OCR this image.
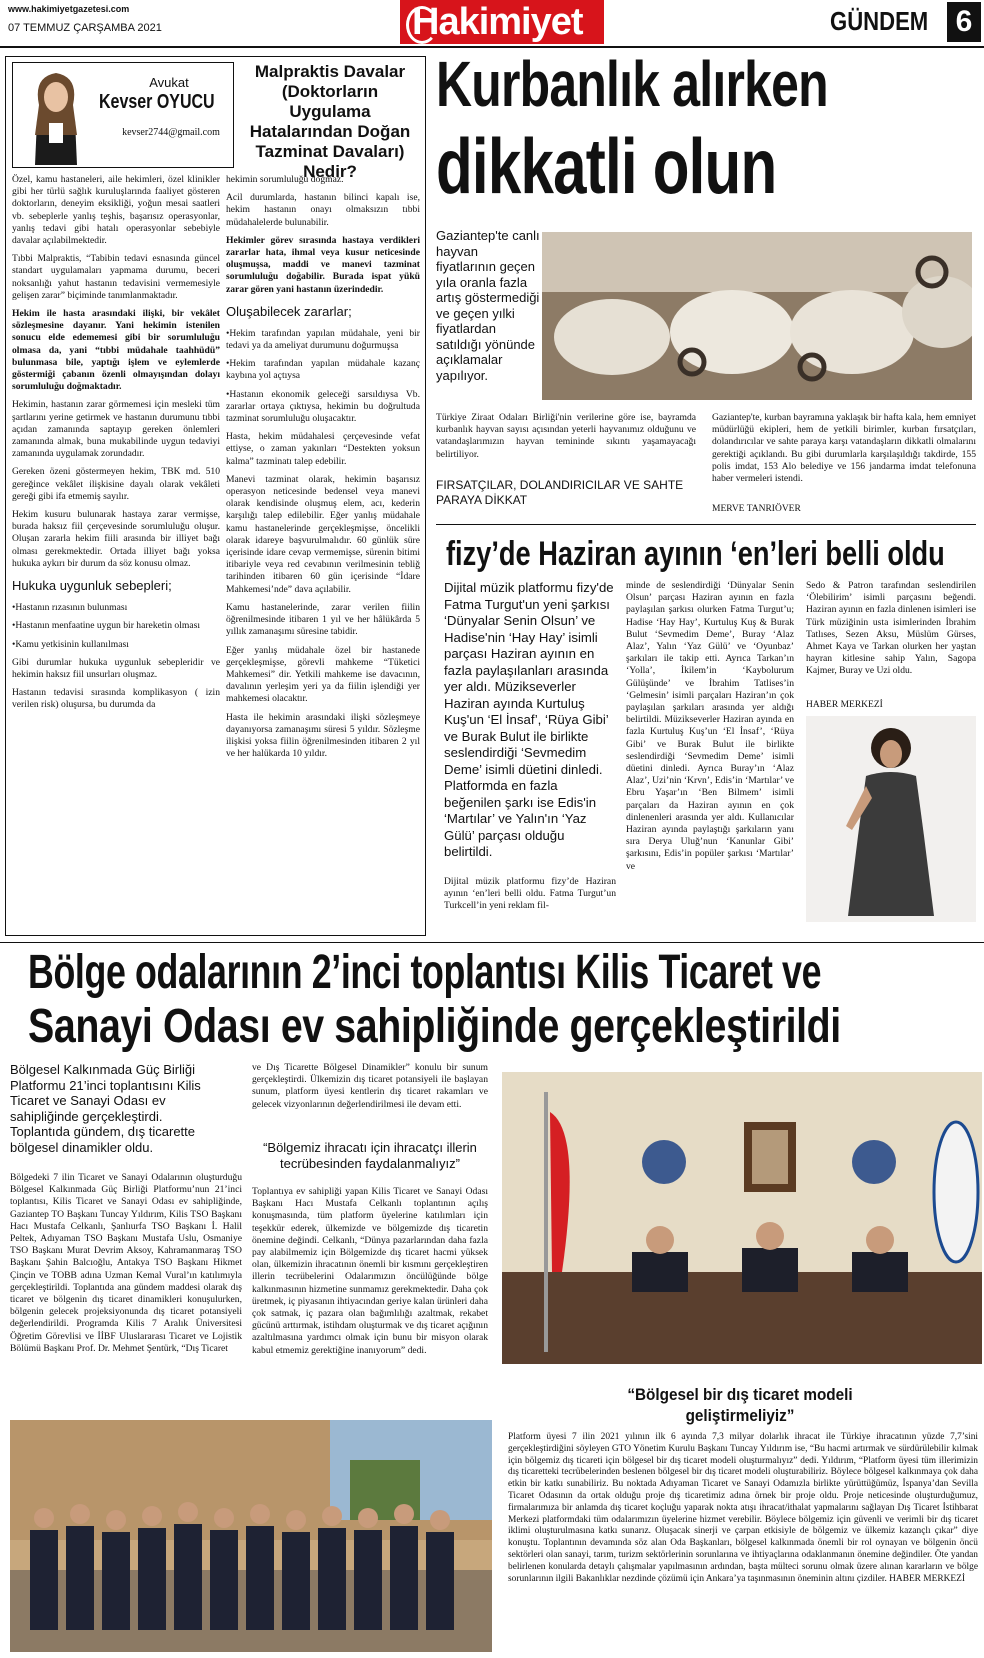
www.hakimiyetgazetesi.com
07 TEMMUZ ÇARŞAMBA 2021	Hakimiyet	GÜNDEM 6
Avukat
Kevser OYUCU
kevser2744@gmail.com
Malpraktis Davalar (Doktorların Uygulama Hatalarından Doğan Tazminat Davaları) Nedir?

Özel, kamu hastaneleri, aile hekimleri, özel klinikler gibi her türlü sağlık kuruluşlarında faaliyet gösteren doktorların, deneyim eksikliği, yoğun mesai saatleri vb. sebeplerle yanlış teşhis, başarısız operasyonlar, yanlış tedavi gibi hatalı operasyonlar sebebiyle davalar açılabilmektedir.

Tıbbi Malpraktis, “Tabibin tedavi esnasında güncel standart uygulamaları yapmama durumu, beceri noksanlığı yahut hastanın tedavisini vermemesiyle gelişen zarar” biçiminde tanımlanmaktadır.

Hekim ile hasta arasındaki ilişki, bir vekâlet sözleşmesine dayanır. Yani hekimin istenilen sonucu elde edememesi gibi bir sorumluluğu olmasa da, yani “tıbbi müdahale taahhüdü” bulunmasa bile, yaptığı işlem ve eylemlerde göstermiği çabanın özenli olmayışından dolayı sorumluluğu doğmaktadır.

Hekimin, hastanın zarar görmemesi için mesleki tüm şartlarını yerine getirmek ve hastanın durumunu tıbbi açıdan zamanında saptayıp gereken önlemleri zamanında almak, buna mukabilinde uygun tedaviyi zamanında uygulamak zorundadır.

Gereken özeni göstermeyen hekim, TBK md. 510 gereğince vekâlet ilişkisine dayalı olarak vekâleti gereği gibi ifa etmemiş sayılır.

Hekim kusuru bulunarak hastaya zarar vermişse, burada haksız fiil çerçevesinde sorumluluğu oluşur. Oluşan zararla hekim fiili arasında bir illiyet bağı olması gerekmektedir. Ortada illiyet bağı yoksa hukuka aykırı bir durum da söz konusu olmaz.

Hukuka uygunluk sebepleri;

•Hastanın rızasının bulunması

•Hastanın menfaatine uygun bir hareketin olması

•Kamu yetkisinin kullanılması

Gibi durumlar hukuka uygunluk sebepleridir ve hekimin haksız fiil unsurları oluşmaz.

Hastanın tedavisi sırasında komplikasyon ( izin verilen risk) oluşursa, bu durumda da

hekimin sorumluluğu doğmaz.

Acil durumlarda, hastanın bilinci kapalı ise, hekim hastanın onayı olmaksızın tıbbi müdahalelerde bulunabilir.

Hekimler görev sırasında hastaya verdikleri zararlar hata, ihmal veya kusur neticesinde oluşmuşsa, maddi ve manevi tazminat sorumluluğu doğabilir. Burada ispat yükü zarar gören yani hastanın üzerindedir.

Oluşabilecek zararlar;

•Hekim tarafından yapılan müdahale, yeni bir tedavi ya da ameliyat durumunu doğurmuşsa

•Hekim tarafından yapılan müdahale kazanç kaybına yol açtıysa

•Hastanın ekonomik geleceği sarsıldıysa Vb. zararlar ortaya çıktıysa, hekimin bu doğrultuda tazminat sorumluluğu oluşacaktır.

Hasta, hekim müdahalesi çerçevesinde vefat ettiyse, o zaman yakınları “Destekten yoksun kalma” tazminatı talep edebilir.

Manevi tazminat olarak, hekimin başarısız operasyon neticesinde bedensel veya manevi olarak kendisinde oluşmuş elem, acı, kederin karşılığı talep edilebilir. Eğer yanlış müdahale kamu hastanelerinde gerçekleşmişse, öncelikli olarak idareye başvurulmalıdır. 60 günlük süre içerisinde idare cevap vermemişse, sürenin bitimi itibariyle veya red cevabının verilmesinin tebliğ tarihinden itibaren 60 gün içerisinde “İdare Mahkemesi’nde” dava açılabilir.

Kamu hastanelerinde, zarar verilen fiilin öğrenilmesinde itibaren 1 yıl ve her hâlükârda 5 yıllık zamanaşımı süresine tabidir.

Eğer yanlış müdahale özel bir hastanede gerçekleşmişse, görevli mahkeme “Tüketici Mahkemesi” dir. Yetkili mahkeme ise davacının, davalının yerleşim yeri ya da fiilin işlendiği yer mahkemesi olacaktır.

Hasta ile hekimin arasındaki ilişki sözleşmeye dayanıyorsa zamanaşımı süresi 5 yıldır. Sözleşme ilişkisi yoksa fiilin öğrenilmesinden itibaren 2 yıl ve her halükarda 10 yıldır.

Kurbanlık alırken
dikkatli olun
Gaziantep'te canlı hayvan fiyatlarının geçen yıla oranla fazla artış göstermediği ve geçen yılki fiyatlardan satıldığı yönünde açıklamalar yapılıyor.
Türkiye Ziraat Odaları Birliği'nin verilerine göre ise, bayramda kurbanlık hayvan sayısı açısından yeterli hayvanımız olduğunu ve vatandaşlarımızın hayvan temininde sıkıntı yaşamayacağı belirtiliyor.
FIRSATÇILAR, DOLANDIRICILAR VE SAHTE PARAYA DİKKAT
Gaziantep'te, kurban bayramına yaklaşık bir hafta kala, hem emniyet müdürlüğü ekipleri, hem de yetkili birimler, kurban fırsatçıları, dolandırıcılar ve sahte paraya karşı vatandaşların dikkatli olmalarını gerektiği açıklandı. Bu gibi durumlarla karşılaşıldığı takdirde, 155 polis imdat, 153 Alo belediye ve 156 jandarma imdat telefonuna haber vermeleri istendi.
MERVE TANRIÖVER
fizy’de Haziran ayının ‘en’leri belli oldu
Dijital müzik platformu fizy'de Fatma Turgut'un yeni şarkısı ‘Dünyalar Senin Olsun’ ve Hadise'nin ‘Hay Hay’ isimli parçası Haziran ayının en fazla paylaşılanları arasında yer aldı. Müzikseverler Haziran ayında Kurtuluş Kuş'un ‘El İnsaf’, ‘Rüya Gibi’ ve Burak Bulut ile birlikte seslendirdiği ‘Sevmedim Deme’ isimli düetini dinledi. Platformda en fazla beğenilen şarkı ise Edis'in ‘Martılar’ ve Yalın'ın ‘Yaz Gülü’ parçası olduğu belirtildi.
Dijital müzik platformu fizy’de Haziran ayının ‘en’leri belli oldu. Fatma Turgut’un Turkcell’in yeni reklam fil-
minde de seslendirdiği ‘Dünyalar Senin Olsun’ parçası Haziran ayının en fazla paylaşılan şarkısı olurken Fatma Turgut’u; Hadise ‘Hay Hay’, Kurtuluş Kuş & Burak Bulut ‘Sevmedim Deme’, Buray ‘Alaz Alaz’, Yalın ‘Yaz Gülü’ ve ‘Oyunbaz’ şarkıları ile takip etti. Ayrıca Tarkan’ın ‘Yolla’, İkilem’in ‘Kaybolurum Gülüşünde’ ve İbrahim Tatlises’in ‘Gelmesin’ isimli parçaları Haziran’ın çok paylaşılan şarkıları arasında yer aldığı belirtildi. Müzikseverler Haziran ayında en fazla Kurtuluş Kuş’un ‘El İnsaf’, ‘Rüya Gibi’ ve Burak Bulut ile birlikte seslendirdiği ‘Sevmedim Deme’ isimli düetini dinledi. Ayrıca Buray’ın ‘Alaz Alaz’, Uzi’nin ‘Krvn’, Edis’in ‘Martılar’ ve Ebru Yaşar’ın ‘Ben Bilmem’ isimli parçaları da Haziran ayının en çok dinlenenleri arasında yer aldı. Kullanıcılar Haziran ayında paylaştığı şarkıların yanı sıra Derya Uluğ’nun ‘Kanunlar Gibi’ şarkısını, Edis’in popüler şarkısı ‘Martılar’ ve
Sedo & Patron tarafından seslendirilen ‘Ölebilirim’ isimli parçasını beğendi. Haziran ayının en fazla dinlenen isimleri ise Türk müziğinin usta isimlerinden İbrahim Tatlıses, Sezen Aksu, Müslüm Gürses, Ahmet Kaya ve Tarkan olurken her yaştan hayran kitlesine sahip Yalın, Sagopa Kajmer, Buray ve Uzi oldu.
HABER MERKEZİ
Bölge odalarının 2’inci toplantısı Kilis Ticaret ve
Sanayi Odası ev sahipliğinde gerçekleştirildi
Bölgesel Kalkınmada Güç Birliği Platformu 21’inci toplantısını Kilis Ticaret ve Sanayi Odası ev sahipliğinde gerçekleştirdi. Toplantıda gündem, dış ticarette bölgesel dinamikler oldu.
Bölgedeki 7 ilin Ticaret ve Sanayi Odalarının oluşturduğu Bölgesel Kalkınmada Güç Birliği Platformu’nun 21’inci toplantısı, Kilis Ticaret ve Sanayi Odası ev sahipliğinde, Gaziantep TO Başkanı Tuncay Yıldırım, Kilis TSO Başkanı Hacı Mustafa Celkanlı, Şanlıurfa TSO Başkanı İ. Halil Peltek, Adıyaman TSO Başkanı Mustafa Uslu, Osmaniye TSO Başkanı Murat Devrim Aksoy, Kahramanmaraş TSO Başkanı Şahin Balcıoğlu, Antakya TSO Başkanı Hikmet Çinçin ve TOBB adına Uzman Kemal Vural’ın katılımıyla gerçekleştirildi. Toplantıda ana gündem maddesi olarak dış ticaret ve bölgenin dış ticaret dinamikleri konuşulurken, bölgenin gelecek projeksiyonunda dış ticaret potansiyeli değerlendirildi. Programda Kilis 7 Aralık Üniversitesi Öğretim Görevlisi ve İİBF Uluslararası Ticaret ve Lojistik Bölümü Başkanı Prof. Dr. Mehmet Şentürk, “Dış Ticaret
ve Dış Ticarette Bölgesel Dinamikler” konulu bir sunum gerçekleştirdi. Ülkemizin dış ticaret potansiyeli ile başlayan sunum, platform üyesi kentlerin dış ticaret rakamları ve gelecek vizyonlarının değerlendirilmesi ile devam etti.
“Bölgemiz ihracatı için ihracatçı illerin tecrübesinden faydalanmalıyız”
Toplantıya ev sahipliği yapan Kilis Ticaret ve Sanayi Odası Başkanı Hacı Mustafa Celkanlı toplantının açılış konuşmasında, tüm platform üyelerine katılımları için teşekkür ederek, ülkemizde ve bölgemizde dış ticaretin önemine değindi. Celkanlı, “Dünya pazarlarından daha fazla pay alabilmemiz için Bölgemizde dış ticaret hacmi yüksek olan, ülkemizin ihracatının önemli bir kısmını gerçekleştiren illerin tecrübelerini Odalarımızın öncülüğünde bölge kalkınmasının hizmetine sunmamız gerekmektedir. Daha çok üretmek, iç piyasanın ihtiyacından geriye kalan ürünleri daha çok satmak, iç pazara olan bağımlılığı azaltmak, rekabet gücünü arttırmak, istihdam oluşturmak ve dış ticaret açığının azaltılmasına yardımcı olmak için bunu bir misyon olarak kabul etmemiz gerektiğine inanıyorum” dedi.
“Bölgesel bir dış ticaret modeli geliştirmeliyiz”
Platform üyesi 7 ilin 2021 yılının ilk 6 ayında 7,3 milyar dolarlık ihracat ile Türkiye ihracatının yüzde 7,7’sini gerçekleştirdiğini söyleyen GTO Yönetim Kurulu Başkanı Tuncay Yıldırım ise, “Bu hacmi artırmak ve sürdürülebilir kılmak için bölgemiz dış ticareti için bölgesel bir dış ticaret modeli oluşturmalıyız” dedi. Yıldırım, “Platform üyesi tüm illerimizin dış ticaretteki tecrübelerinden beslenen bölgesel bir dış ticaret modeli oluşturabiliriz. Böylece bölgesel kalkınmaya çok daha etkin bir katkı sunabiliriz. Bu noktada Adıyaman Ticaret ve Sanayi Odamızla birlikte yürüttüğümüz, İspanya’dan Sevilla Ticaret Odasının da ortak olduğu proje dış ticaretimiz adına örnek bir proje oldu. Proje neticesinde oluşturduğumuz, firmalarımıza bir anlamda dış ticaret koçluğu yaparak nokta atışı ihracat/ithalat yapmalarını sağlayan Dış Ticaret İstihbarat Merkezi platformdaki tüm odalarımızın üyelerine hizmet verebilir. Böylece bölgemiz için güvenli ve verimli bir dış ticaret iklimi oluşturulmasına katkı sunarız. Oluşacak sinerji ve çarpan etkisiyle de bölgemiz ve ülkemiz kazançlı çıkar” diye konuştu. Toplantının devamında söz alan Oda Başkanları, bölgesel kalkınmada önemli bir rol oynayan ve bölgenin öncü sektörleri olan sanayi, tarım, turizm sektörlerinin sorunlarına ve ihtiyaçlarına odaklanmanın önemine değindiler. Öte yandan belirlenen konularda detaylı çalışmalar yapılmasının ardından, başta mülteci sorunu olmak üzere alınan kararların ve bölge sorunlarının ilgili Bakanlıklar nezdinde çözümü için Ankara’ya taşınmasının öneminin altını çizdiler. HABER MERKEZİ
